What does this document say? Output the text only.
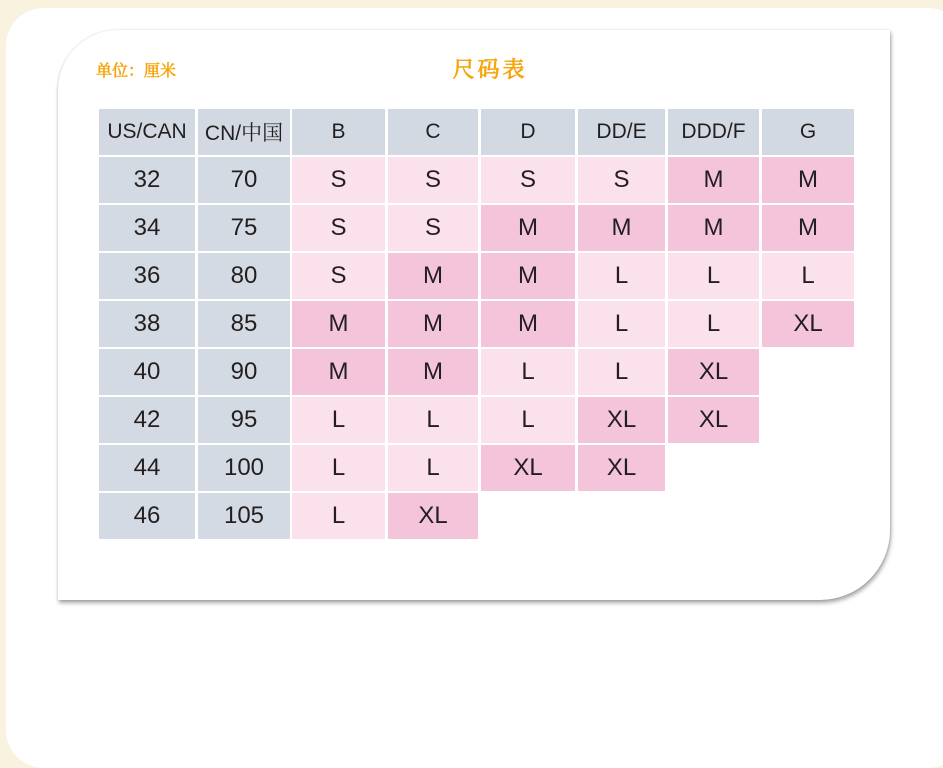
单位：厘米	尺码表
US/CAN CN/中国	B	C	D	DD/E	DDD/F	G
32	70	S	S	S	S	M	M
34	75	S	S	M	M	M	M
36	80	S	M	M	L	L	L
38	85	M	M	M	L	L	XL
40	90	M	M	L	L	XL
42	95	L	L	L	XL	XL
44	100	L	L	XL	XL
46	105	L	XL
